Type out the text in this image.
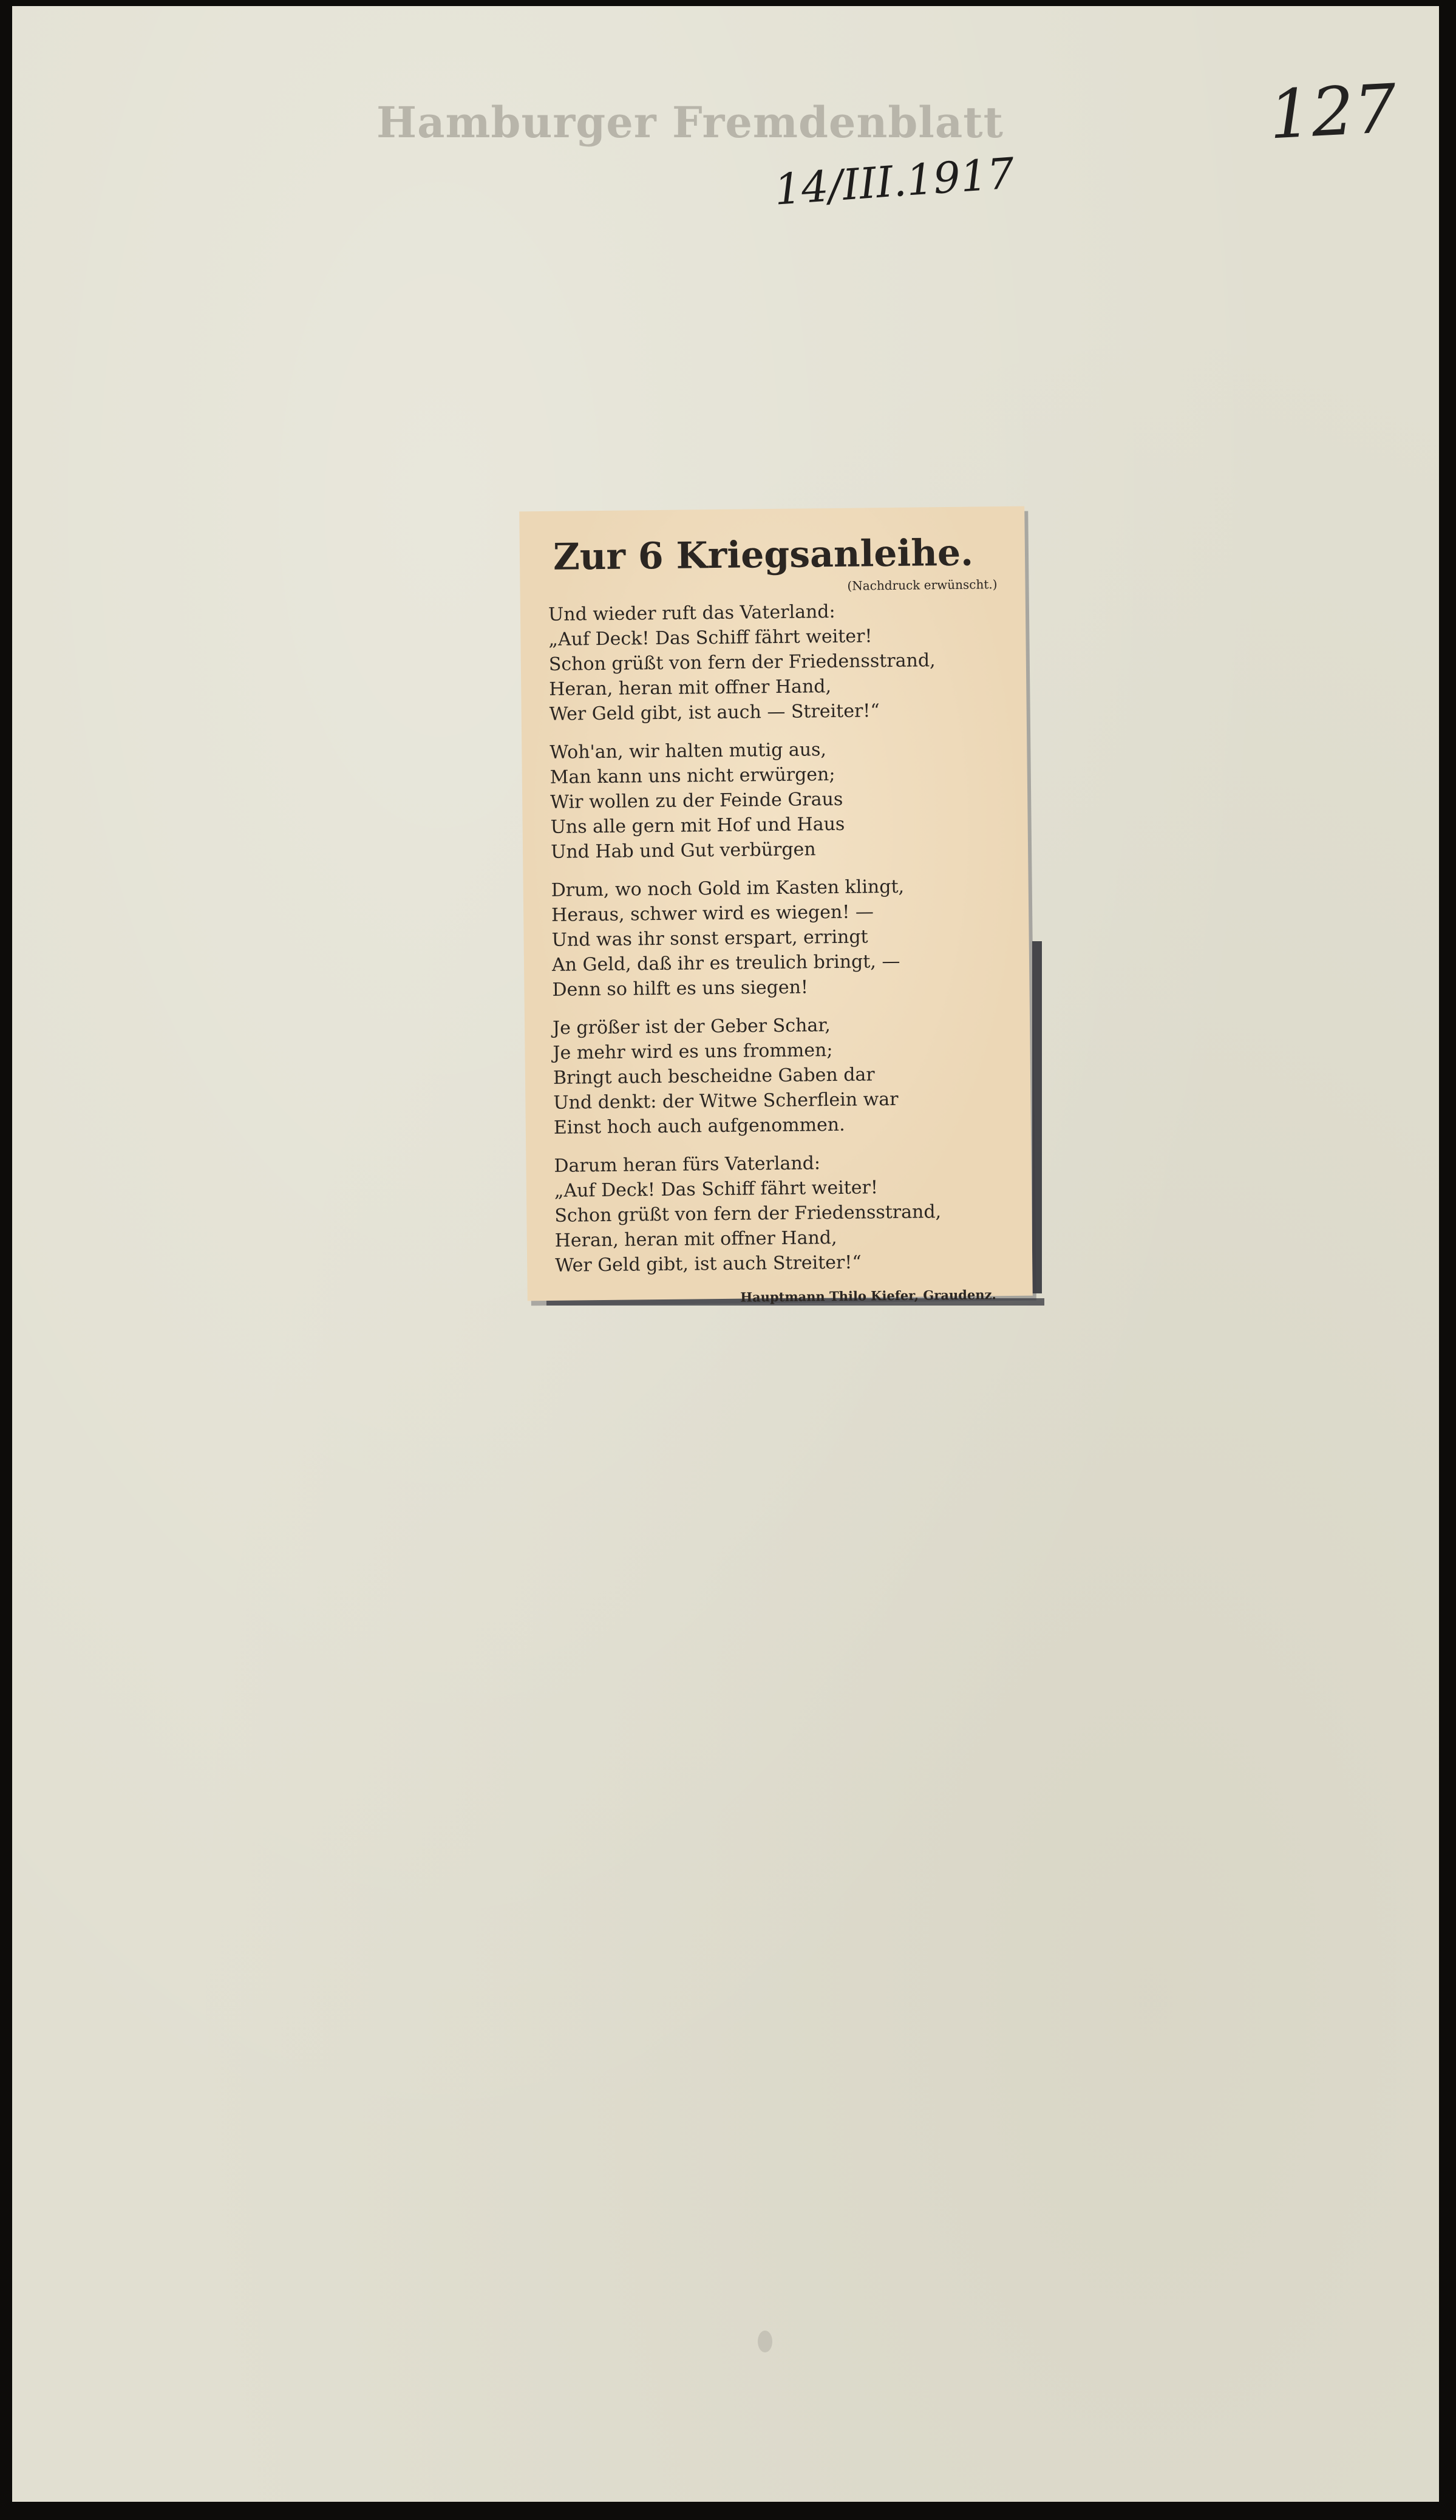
Hamburger Fremdenblatt
14/III.1917
127
Zur 6 Kriegsanleihe.
(Nachdruck erwünscht.)
Und wieder ruft das Vaterland:
„Auf Deck! Das Schiff fährt weiter!
Schon grüßt von fern der Friedensstrand,
Heran, heran mit offner Hand,
Wer Geld gibt, ist auch — Streiter!“
Woh'an, wir halten mutig aus,
Man kann uns nicht erwürgen;
Wir wollen zu der Feinde Graus
Uns alle gern mit Hof und Haus
Und Hab und Gut verbürgen
Drum, wo noch Gold im Kasten klingt,
Heraus, schwer wird es wiegen! —
Und was ihr sonst erspart, erringt
An Geld, daß ihr es treulich bringt, —
Denn so hilft es uns siegen!
Je größer ist der Geber Schar,
Je mehr wird es uns frommen;
Bringt auch bescheidne Gaben dar
Und denkt: der Witwe Scherflein war
Einst hoch auch aufgenommen.
Darum heran fürs Vaterland:
„Auf Deck! Das Schiff fährt weiter!
Schon grüßt von fern der Friedensstrand,
Heran, heran mit offner Hand,
Wer Geld gibt, ist auch Streiter!“
Hauptmann Thilo Kiefer, Graudenz.
